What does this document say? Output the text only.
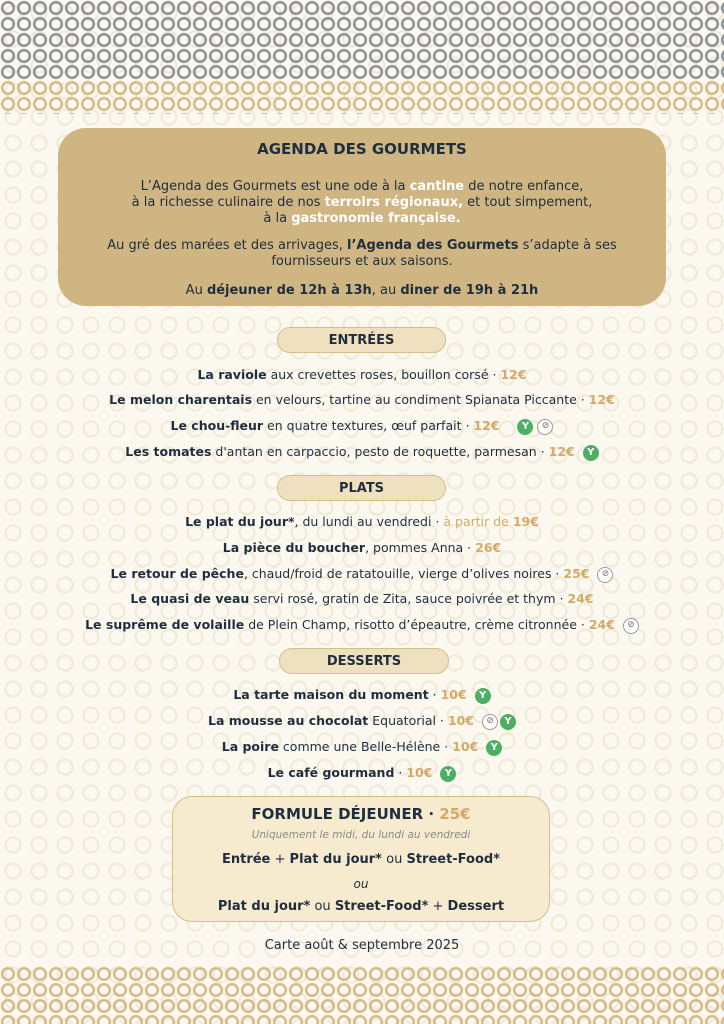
AGENDA DES GOURMETS

L’Agenda des Gourmets est une ode à la cantine de notre enfance,
à la richesse culinaire de nos terroirs régionaux, et tout simpement,
à la gastronomie française.

Au gré des marées et des arrivages, l’Agenda des Gourmets s’adapte à ses
fournisseurs et aux saisons.

Au déjeuner de 12h à 13h, au diner de 19h à 21h

ENTRÉES
La raviole aux crevettes roses, bouillon corsé · 12€
Le melon charentais en velours, tartine au condiment Spianata Piccante · 12€
Le chou-fleur en quatre textures, œuf parfait · 12€ Y ⊘
Les tomates d'antan en carpaccio, pesto de roquette, parmesan · 12€ Y
PLATS
Le plat du jour*, du lundi au vendredi · à partir de 19€
La pièce du boucher, pommes Anna · 26€
Le retour de pêche, chaud/froid de ratatouille, vierge d’olives noires · 25€ ⊘
Le quasi de veau servi rosé, gratin de Zita, sauce poivrée et thym · 24€
Le suprême de volaille de Plein Champ, risotto d’épeautre, crème citronnée · 24€ ⊘
DESSERTS
La tarte maison du moment · 10€ Y
La mousse au chocolat Equatorial · 10€ ⊘ Y
La poire comme une Belle-Hélène · 10€ Y
Le café gourmand · 10€ Y
FORMULE DÉJEUNER · 25€
Uniquement le midi, du lundi au vendredi
Entrée + Plat du jour* ou Street-Food*
ou
Plat du jour* ou Street-Food* + Dessert
Carte août & septembre 2025
